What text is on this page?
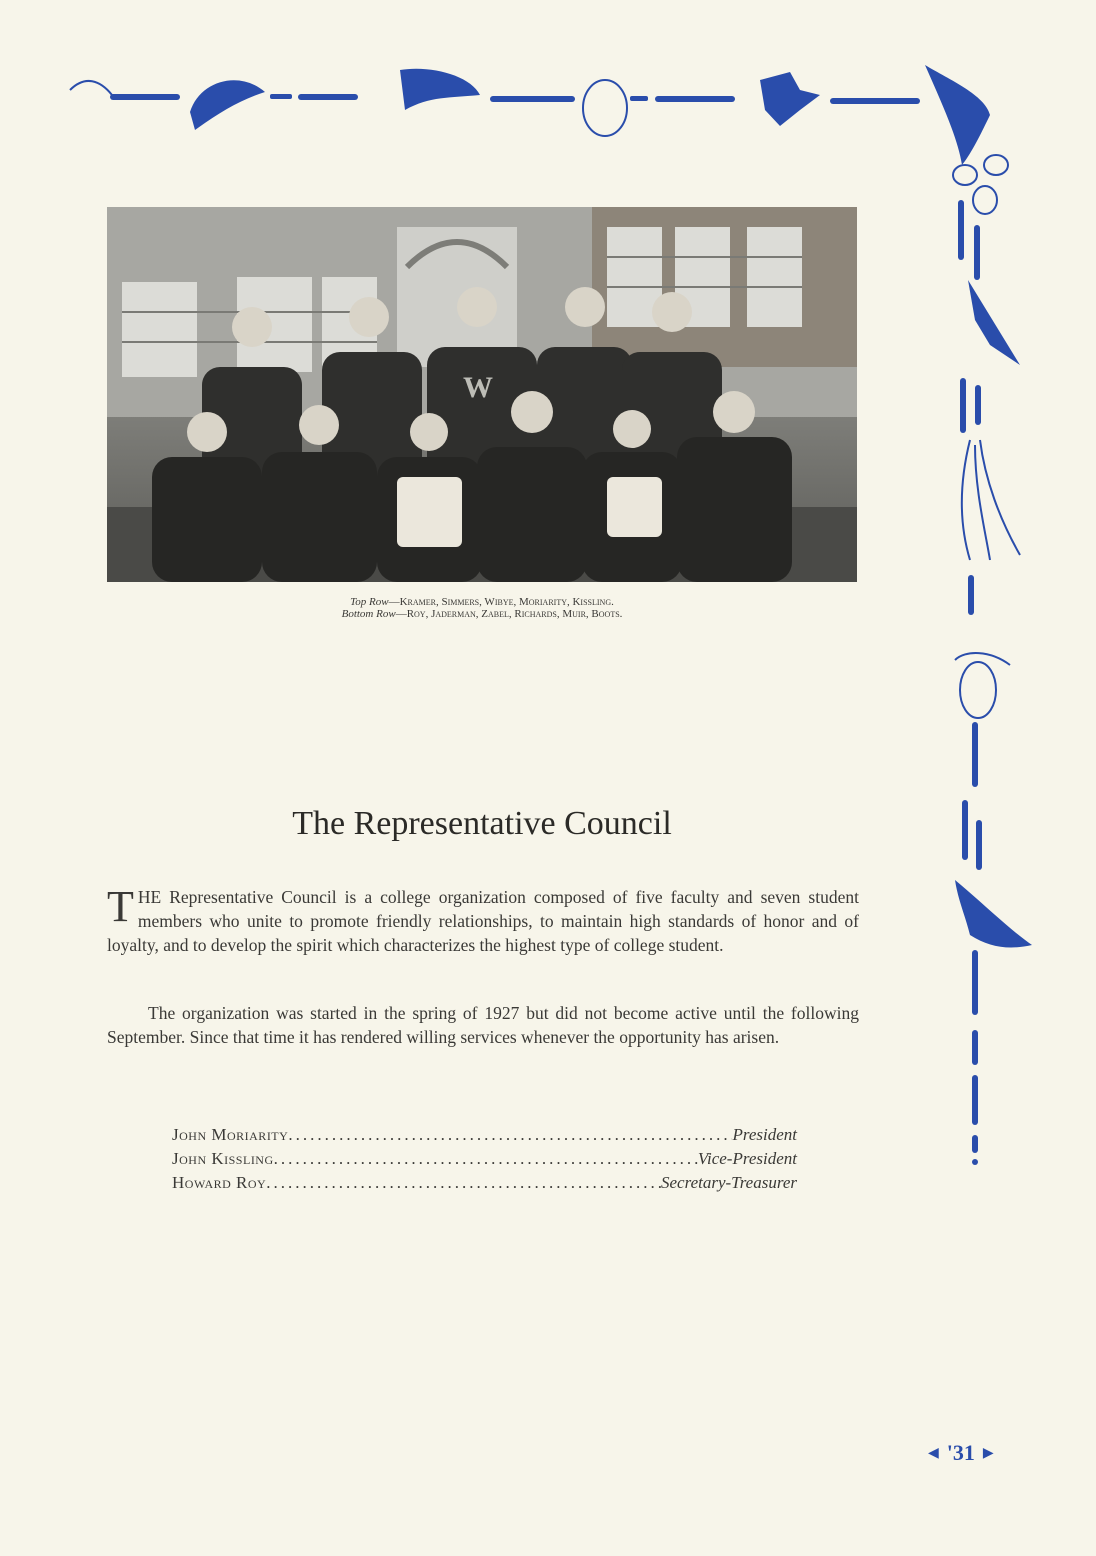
W
Top Row—Kramer, Simmers, Wibye, Moriarity, Kissling.
Bottom Row—Roy, Jaderman, Zabel, Richards, Muir, Boots.
The Representative Council

THE Representative Council is a college organization composed of five faculty and seven student members who unite to promote friendly relationships, to maintain high standards of honor and of loyalty, and to develop the spirit which characterizes the highest type of college student.

The organization was started in the spring of 1927 but did not become active until the following September. Since that time it has rendered willing services whenever the opportunity has arisen.

John Moriarity .....	President
John Kissling .....	Vice-President
Howard Roy .....	Secretary-Treasurer
◀ '31 ▶
